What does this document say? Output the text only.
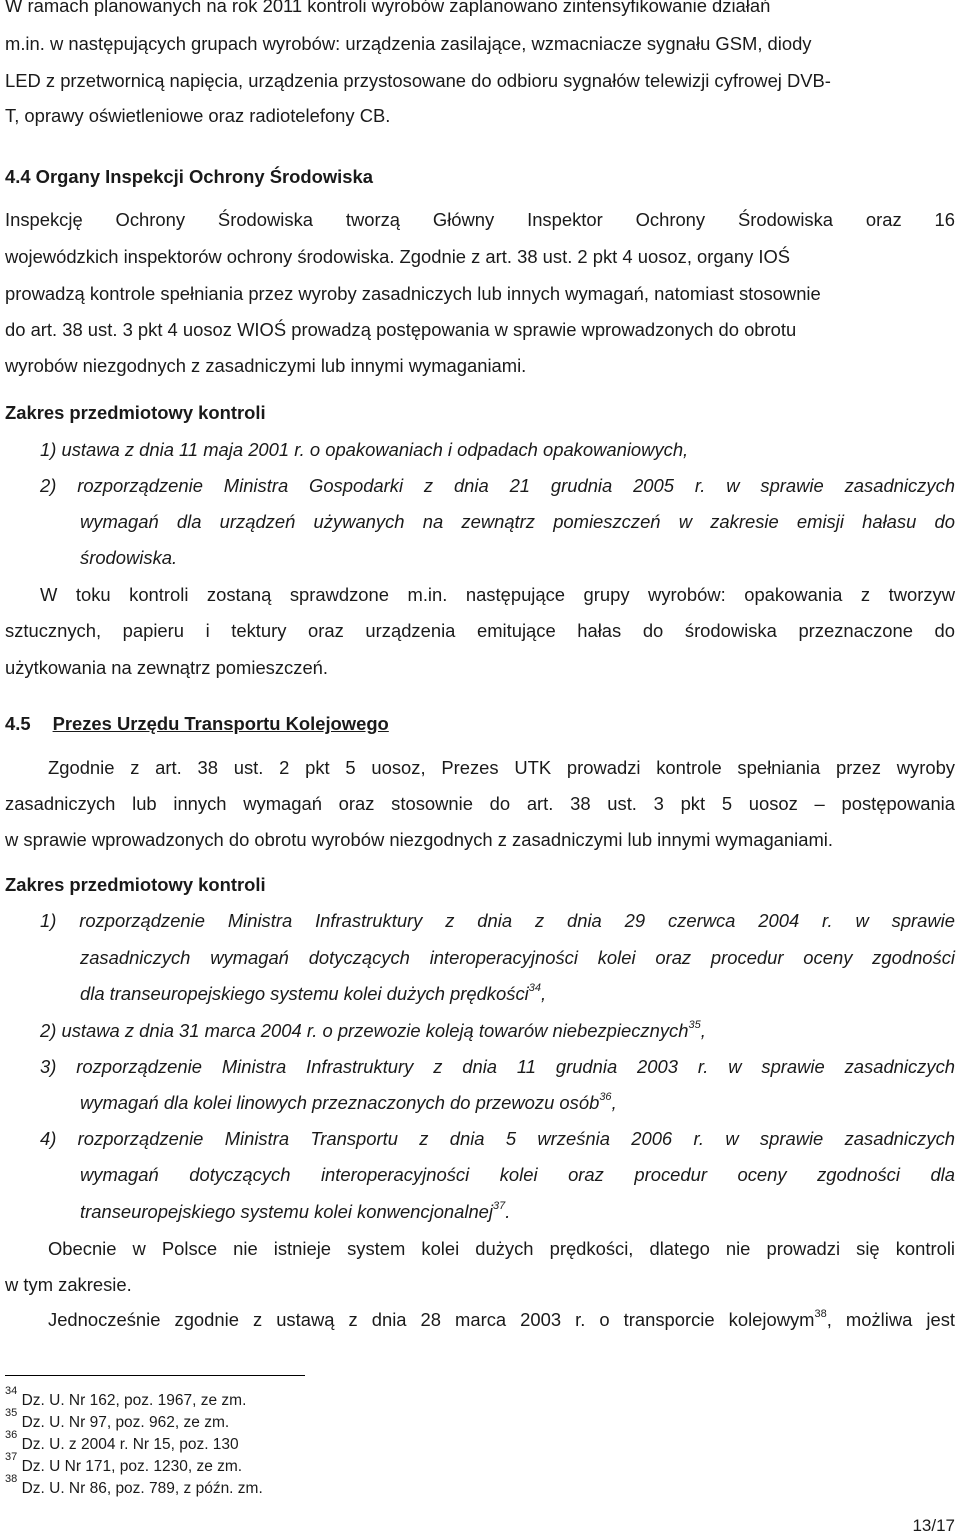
W ramach planowanych na rok 2011 kontroli wyrobów zaplanowano zintensyfikowanie działań
m.in. w następujących grupach wyrobów: urządzenia zasilające, wzmacniacze sygnału GSM, diody
LED z przetwornicą napięcia, urządzenia przystosowane do odbioru sygnałów telewizji cyfrowej DVB-
T, oprawy oświetleniowe oraz radiotelefony CB.
4.4 Organy Inspekcji Ochrony Środowiska
Inspekcję Ochrony Środowiska tworzą Główny Inspektor Ochrony Środowiska oraz 16
wojewódzkich inspektorów ochrony środowiska. Zgodnie z art. 38 ust. 2 pkt 4 uosoz, organy IOŚ
prowadzą kontrole spełniania przez wyroby zasadniczych lub innych wymagań, natomiast stosownie
do art. 38 ust. 3 pkt 4 uosoz WIOŚ prowadzą postępowania w sprawie wprowadzonych do obrotu
wyrobów niezgodnych z zasadniczymi lub innymi wymaganiami.
Zakres przedmiotowy kontroli
1) ustawa z dnia 11 maja 2001 r. o opakowaniach i odpadach opakowaniowych,
2) rozporządzenie Ministra Gospodarki z dnia 21 grudnia 2005 r. w sprawie zasadniczych
wymagań dla urządzeń używanych na zewnątrz pomieszczeń w zakresie emisji hałasu do
środowiska.
W toku kontroli zostaną sprawdzone m.in. następujące grupy wyrobów: opakowania z tworzyw
sztucznych, papieru i tektury oraz urządzenia emitujące hałas do środowiska przeznaczone do
użytkowania na zewnątrz pomieszczeń.
4.5 Prezes Urzędu Transportu Kolejowego
Zgodnie z art. 38 ust. 2 pkt 5 uosoz, Prezes UTK prowadzi kontrole spełniania przez wyroby
zasadniczych lub innych wymagań oraz stosownie do art. 38 ust. 3 pkt 5 uosoz – postępowania
w sprawie wprowadzonych do obrotu wyrobów niezgodnych z zasadniczymi lub innymi wymaganiami.
Zakres przedmiotowy kontroli
1) rozporządzenie Ministra Infrastruktury z dnia z dnia 29 czerwca 2004 r. w sprawie
zasadniczych wymagań dotyczących interoperacyjności kolei oraz procedur oceny zgodności
dla transeuropejskiego systemu kolei dużych prędkości$^{34}$,
2) ustawa z dnia 31 marca 2004 r. o przewozie koleją towarów niebezpiecznych$^{35}$,
3) rozporządzenie Ministra Infrastruktury z dnia 11 grudnia 2003 r. w sprawie zasadniczych
wymagań dla kolei linowych przeznaczonych do przewozu osób$^{36}$,
4) rozporządzenie Ministra Transportu z dnia 5 września 2006 r. w sprawie zasadniczych
wymagań dotyczących interoperacyjności kolei oraz procedur oceny zgodności dla
transeuropejskiego systemu kolei konwencjonalnej$^{37}$.
Obecnie w Polsce nie istnieje system kolei dużych prędkości, dlatego nie prowadzi się kontroli
w tym zakresie.
Jednocześnie zgodnie z ustawą z dnia 28 marca 2003 r. o transporcie kolejowym$^{38}$, możliwa jest
$^{34}$ Dz. U. Nr 162, poz. 1967, ze zm.
$^{35}$ Dz. U. Nr 97, poz. 962, ze zm.
$^{36}$ Dz. U. z 2004 r. Nr 15, poz. 130
$^{37}$ Dz. U Nr 171, poz. 1230, ze zm.
$^{38}$ Dz. U. Nr 86, poz. 789, z późn. zm.
13/17
